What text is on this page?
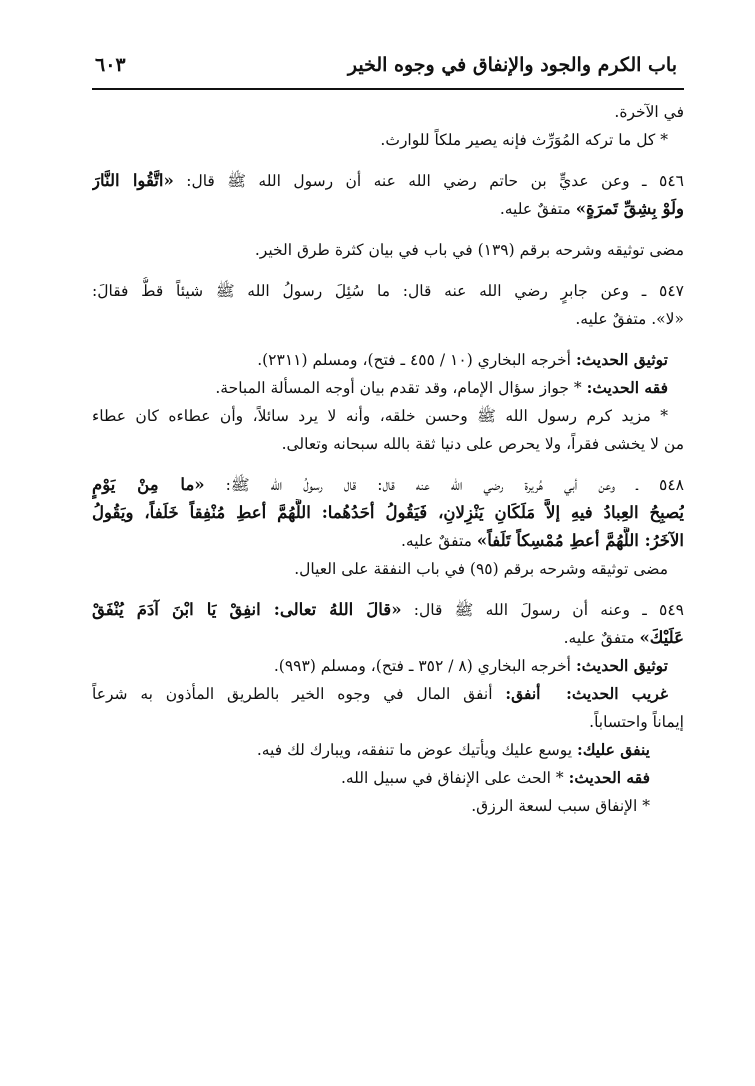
باب الكرم والجود والإنفاق في وجوه الخير
٦٠٣
في الآخرة.
* كل ما تركه المُوَرِّث فإنه يصير ملكاً للوارث.
٥٤٦ ـ وعن عديٍّ بن حاتم رضي الله عنه أن رسول الله ﷺ قال: «اتَّقُوا النَّارَ
ولَوْ بِشِقِّ تَمرَةٍ» متفقٌ عليه.
مضى توثيقه وشرحه برقم (١٣٩) في باب في بيان كثرة طرق الخير.
٥٤٧ ـ وعن جابرٍ رضي الله عنه قال: ما سُئِلَ رسولُ الله ﷺ شيئاً قطُّ فقالَ:
«لا». متفقٌ عليه.
توثيق الحديث: أخرجه البخاري (١٠ / ٤٥٥ ـ فتح)، ومسلم (٢٣١١).
فقه الحديث: * جواز سؤال الإمام، وقد تقدم بيان أوجه المسألة المباحة.
* مزيد كرم رسول الله ﷺ وحسن خلقه، وأنه لا يرد سائلاً، وأن عطاءه كان عطاء
من لا يخشى فقراً، ولا يحرص على دنيا ثقة بالله سبحانه وتعالى.
٥٤٨ ـ وعن أبي هُريرة رضي الله عنه قال: قال رسولُ الله ﷺ: «ما مِنْ يَوْمٍ
يُصبِحُ العِبادُ فيهِ إلاَّ مَلَكَانِ يَنْزِلانِ، فَيَقُولُ أحَدُهُما: اللَّهُمَّ أعطِ مُنْفِقاً خَلَفاً، ويَقُولُ
الآخَرُ: اللَّهُمَّ أعطِ مُمْسِكاً تَلَفاً» متفقٌ عليه.
مضى توثيقه وشرحه برقم (٩٥) في باب النفقة على العيال.
٥٤٩ ـ وعنه أن رسولَ الله ﷺ قال: «قالَ اللهُ تعالى: انفِقْ يَا ابْنَ آدَمَ يُنْفَقْ
عَلَيْكَ» متفقٌ عليه.
توثيق الحديث: أخرجه البخاري (٨ / ٣٥٢ ـ فتح)، ومسلم (٩٩٣).
غريب الحديث:  أنفق: أنفق المال في وجوه الخير بالطريق المأذون به شرعاً
إيماناً واحتساباً.
ينفق عليك: يوسع عليك ويأتيك عوض ما تنفقه، ويبارك لك فيه.
فقه الحديث: * الحث على الإنفاق في سبيل الله.
* الإنفاق سبب لسعة الرزق.
